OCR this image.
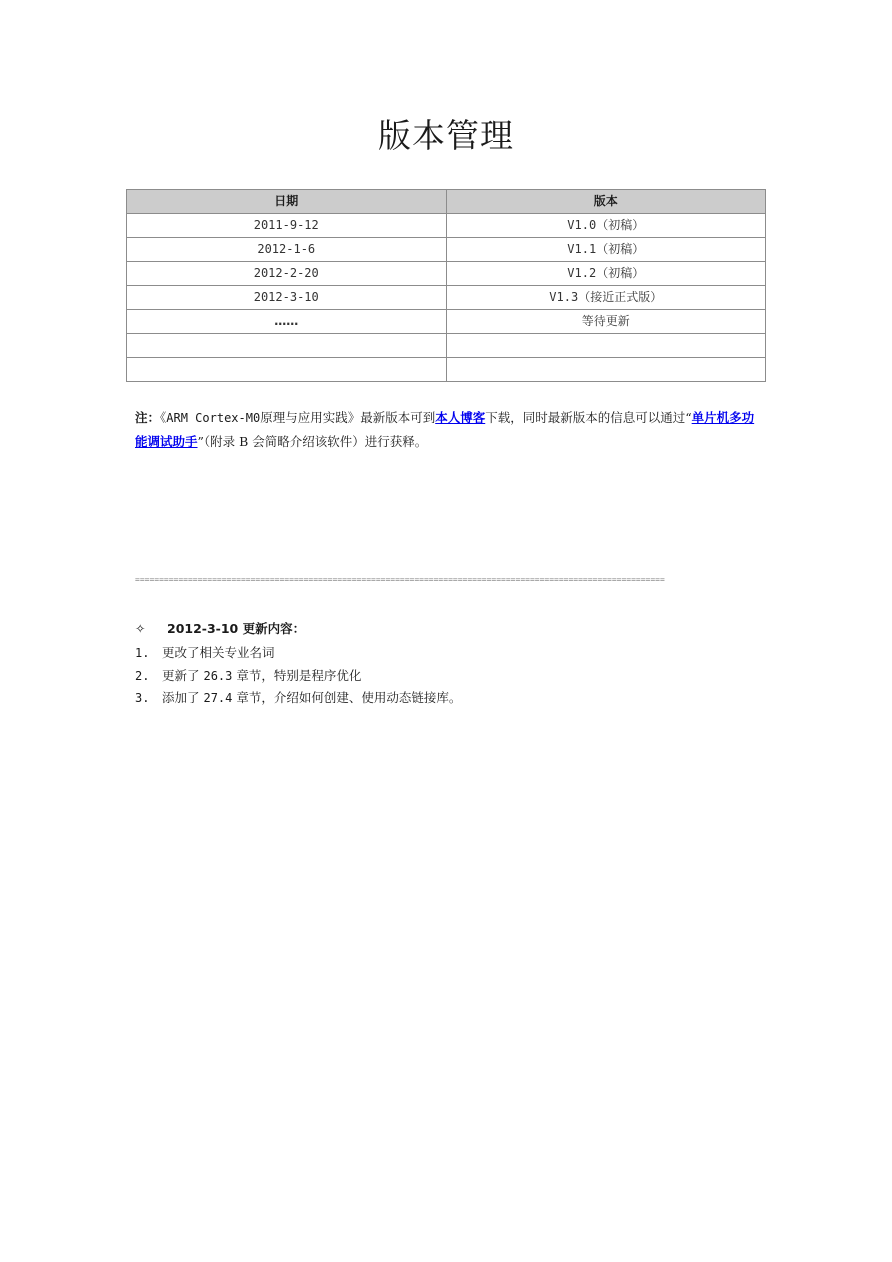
版本管理
日期	版本
2011-9-12	V1.0（初稿）
2012-1-6	V1.1（初稿）
2012-2-20	V1.2（初稿）
2012-3-10	V1.3（接近正式版）
……	等待更新

注：《ARM Cortex-M0原理与应用实践》最新版本可到本人博客下载，同时最新版本的信息可以通过“单片机多功能调试助手”（附录 B 会简略介绍该软件）进行获释。

==============================================================================================================

✧ 2012-3-10 更新内容：

1. 更改了相关专业名词
2. 更新了 26.3 章节，特别是程序优化
3. 添加了 27.4 章节，介绍如何创建、使用动态链接库。
